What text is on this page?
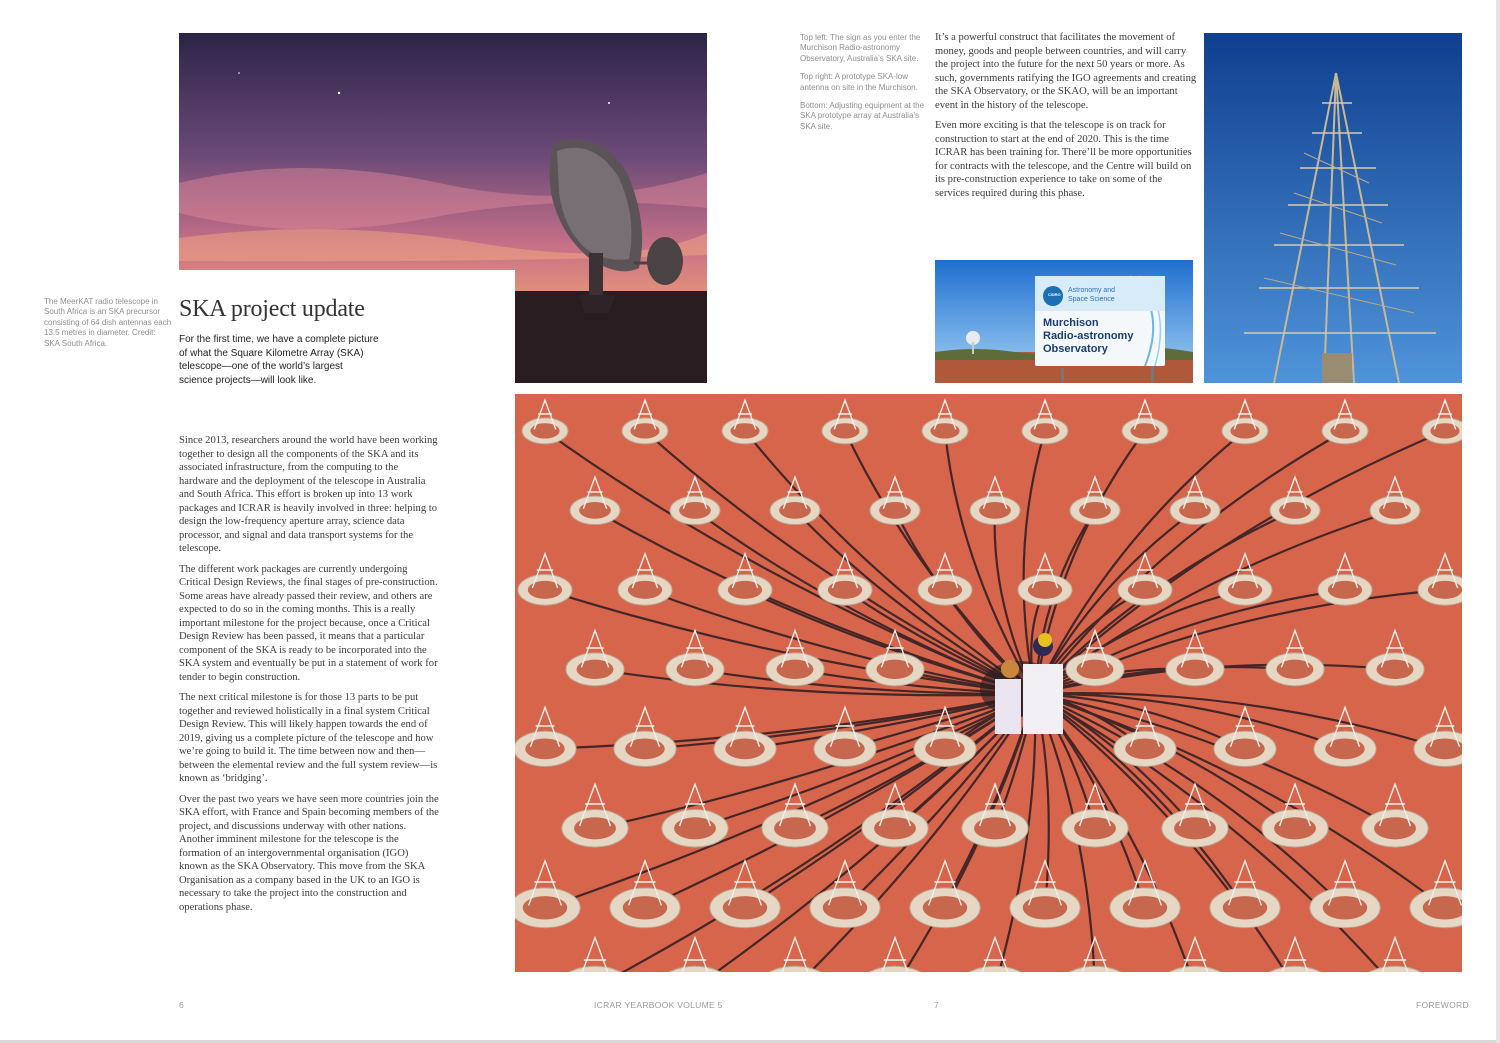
The MeerKAT radio telescope in South Africa is an SKA precursor consisting of 64 dish antennas each 13.5 metres in diameter. Credit: SKA South Africa.
SKA project update
For the first time, we have a complete picture of what the Square Kilometre Array (SKA) telescope—one of the world’s largest science projects—will look like.

Since 2013, researchers around the world have been working together to design all the components of the SKA and its associated infrastructure, from the computing to the hardware and the deployment of the telescope in Australia and South Africa. This effort is broken up into 13 work packages and ICRAR is heavily involved in three: helping to design the low-frequency aperture array, science data processor, and signal and data transport systems for the telescope.

The different work packages are currently undergoing Critical Design Reviews, the final stages of pre-construction. Some areas have already passed their review, and others are expected to do so in the coming months. This is a really important milestone for the project because, once a Critical Design Review has been passed, it means that a particular component of the SKA is ready to be incorporated into the SKA system and eventually be put in a statement of work for tender to begin construction.

The next critical milestone is for those 13 parts to be put together and reviewed holistically in a final system Critical Design Review. This will likely happen towards the end of 2019, giving us a complete picture of the telescope and how we’re going to build it. The time between now and then—between the elemental review and the full system review—is known as ‘bridging’.

Over the past two years we have seen more countries join the SKA effort, with France and Spain becoming members of the project, and discussions underway with other nations. Another imminent milestone for the telescope is the formation of an intergovernmental organisation (IGO) known as the SKA Observatory. This move from the SKA Organisation as a company based in the UK to an IGO is necessary to take the project into the construction and operations phase.

Top left: The sign as you enter the Murchison Radio-astronomy Observatory, Australia’s SKA site.

Top right: A prototype SKA-low antenna on site in the Murchison.

Bottom: Adjusting equipment at the SKA prototype array at Australia’s SKA site.

It’s a powerful construct that facilitates the movement of money, goods and people between countries, and will carry the project into the future for the next 50 years or more. As such, governments ratifying the IGO agreements and creating the SKA Observatory, or the SKAO, will be an important event in the history of the telescope.

Even more exciting is that the telescope is on track for construction to start at the end of 2020. This is the time ICRAR has been training for. There’ll be more opportunities for contracts with the telescope, and the Centre will build on its pre-construction experience to take on some of the services required during this phase.

CSIRO
Astronomy and
Space Science
Murchison
Radio-astronomy
Observatory
6	ICRAR YEARBOOK VOLUME 5	7	FOREWORD
